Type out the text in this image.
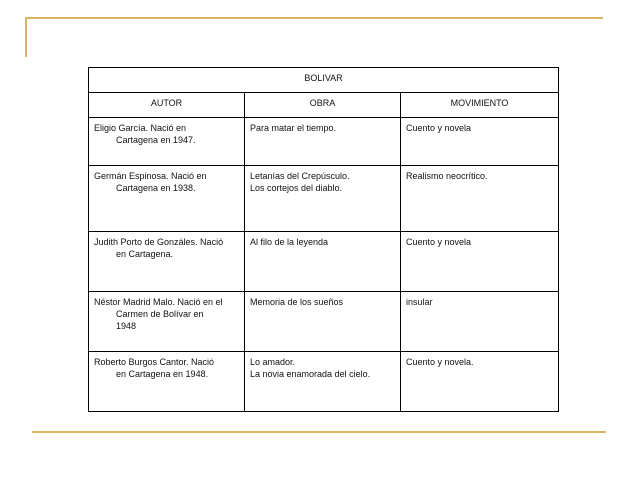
BOLIVAR		
AUTOR	OBRA	MOVIMIENTO

Eligio García. Nació en
Cartagena en 1947.	Para matar el tiempo.	Cuento y novela

Germán Espinosa. Nació en
Cartagena en 1938.	Letanías del Crepúsculo.
Los cortejos del diablo.	Realismo neocrítico.

Judith Porto de Gonzáles. Nació
en Cartagena.	Al filo de la leyenda	Cuento y novela

Néstor Madrid Malo. Nació en el
Carmen de Bolívar en
1948	Memoria de los sueños	insular

Roberto Burgos Cantor. Nació
en Cartagena en 1948.	Lo amador.
La novia enamorada del cielo.	Cuento y novela.
